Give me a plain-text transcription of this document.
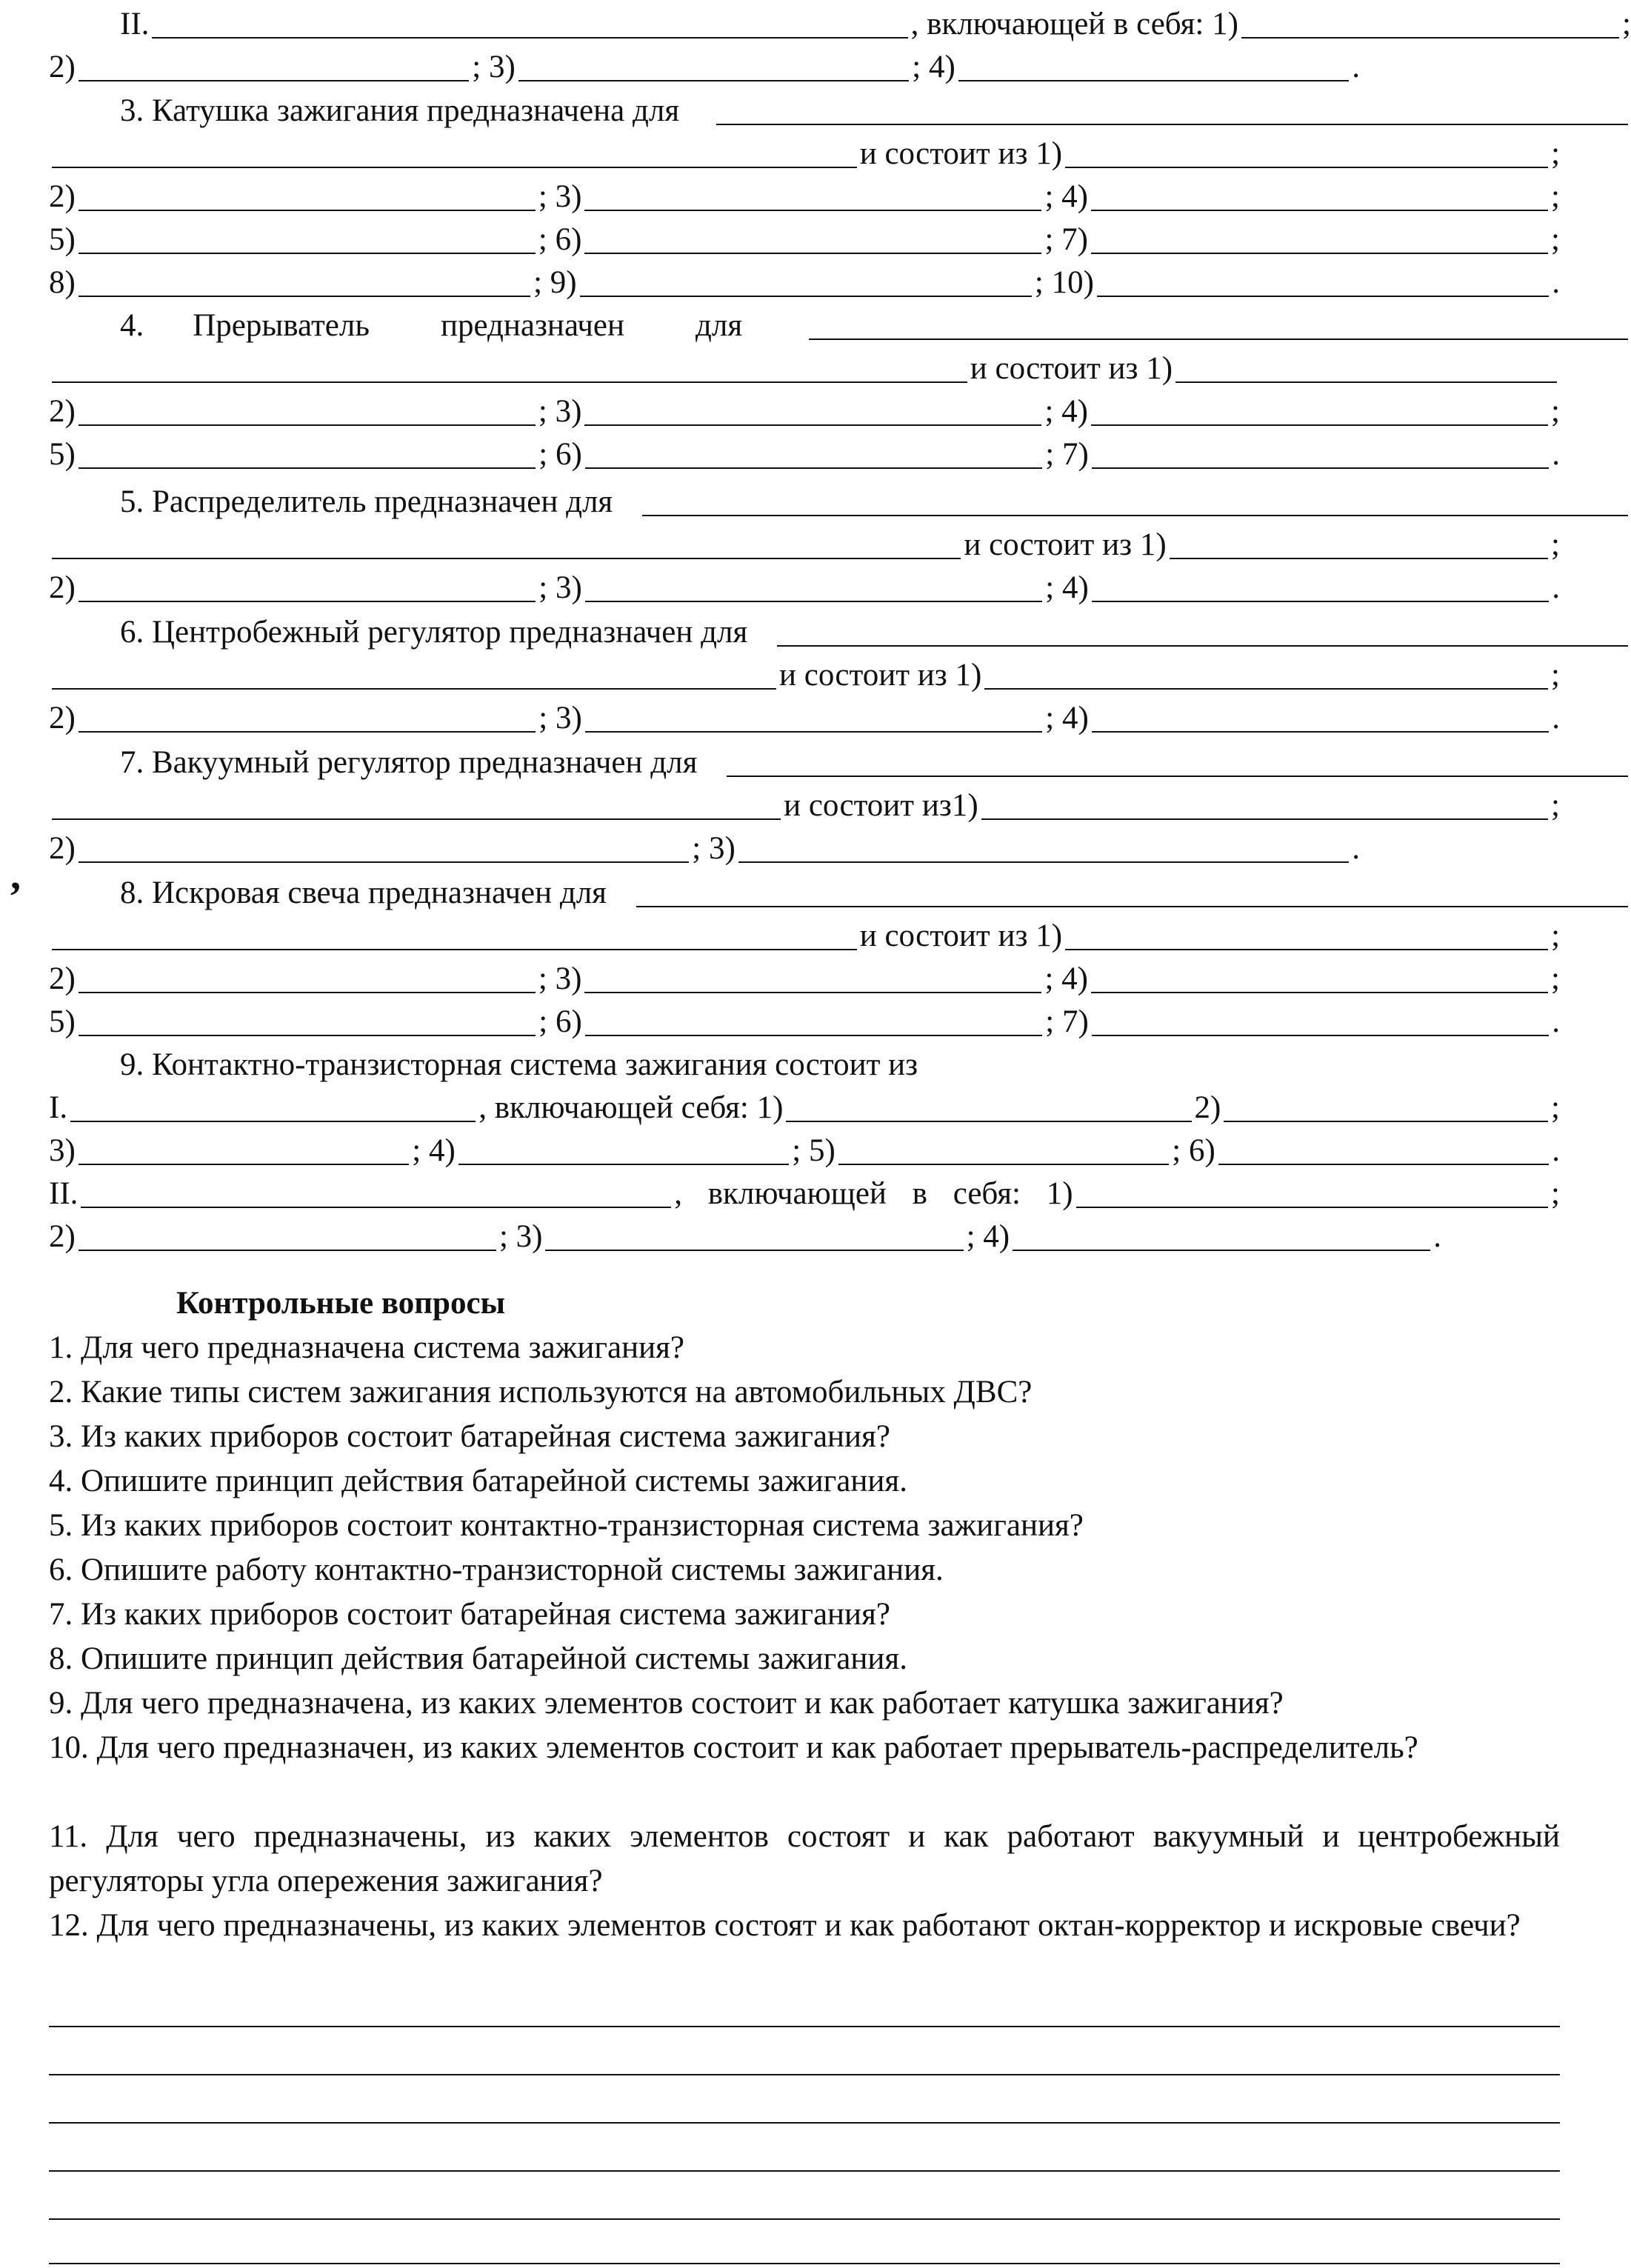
II.	, включающей в себя: 1)	;
2)	; 3)	; 4)	.
3. Катушка зажигания предназначена для
и состоит из 1)	;
2)	; 3)	; 4)	;
5)	; 6)	; 7)	;
8)	; 9)	; 10)	.
4. Прерыватель предназначен для
и состоит из 1)
2)	; 3)	; 4)	;
5)	; 6)	; 7)	.
5. Распределитель предназначен для
и состоит из 1)	;
2)	; 3)	; 4)	.
6. Центробежный регулятор предназначен для
и состоит из 1)	;
2)	; 3)	; 4)	.
7. Вакуумный регулятор предназначен для
и состоит из1)	;
2)	; 3)	.
,	8. Искровая свеча предназначен для
и состоит из 1)	;
2)	; 3)	; 4)	;
5)	; 6)	; 7)	.
9. Контактно-транзисторная система зажигания состоит из
I.	, включающей себя: 1)	2)	;
3)	; 4)	; 5)	; 6)	.
II.	, включающей в себя: 1)	;
2)	; 3)	; 4)	.
Контрольные вопросы
1. Для чего предназначена система зажигания?
2. Какие типы систем зажигания используются на автомобильных ДВС?
3. Из каких приборов состоит батарейная система зажигания?
4. Опишите принцип действия батарейной системы зажигания.
5. Из каких приборов состоит контактно-транзисторная система зажигания?
6. Опишите работу контактно-транзисторной системы зажигания.
7. Из каких приборов состоит батарейная система зажигания?
8. Опишите принцип действия батарейной системы зажигания.
9. Для чего предназначена, из каких элементов состоит и как работает катушка зажигания?
10. Для чего предназначен, из каких элементов состоит и как работает прерыватель-распределитель?
11. Для чего предназначены, из каких элементов состоят и как работают вакуумный и центробежный регуляторы угла опережения зажигания?
12. Для чего предназначены, из каких элементов состоят и как работают октан-корректор и искровые свечи?
